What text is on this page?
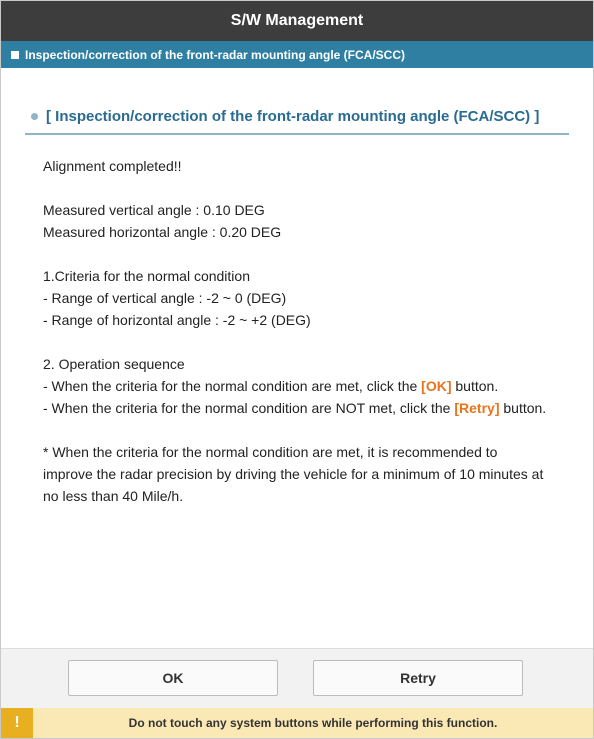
S/W Management
Inspection/correction of the front-radar mounting angle (FCA/SCC)
[ Inspection/correction of the front-radar mounting angle (FCA/SCC) ]

Alignment completed!!

Measured vertical angle : 0.10 DEG
Measured horizontal angle : 0.20 DEG

1.Criteria for the normal condition
- Range of vertical angle : -2 ~ 0 (DEG)
- Range of horizontal angle : -2 ~ +2 (DEG)

2. Operation sequence
- When the criteria for the normal condition are met, click the [OK] button.
- When the criteria for the normal condition are NOT met, click the [Retry] button.

* When the criteria for the normal condition are met, it is recommended to improve the radar precision by driving the vehicle for a minimum of 10 minutes at no less than 40 Mile/h.

OK	Retry
!	Do not touch any system buttons while performing this function.
